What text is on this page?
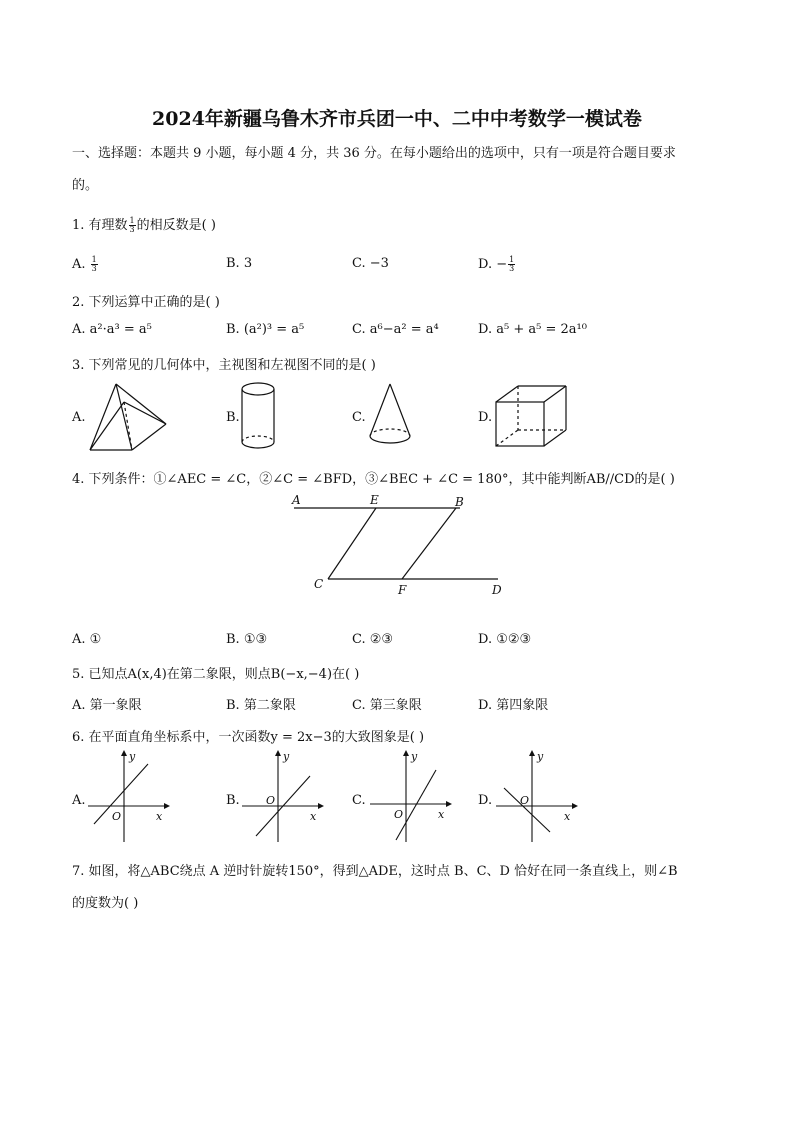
2024年新疆乌鲁木齐市兵团一中、二中中考数学一模试卷
一、选择题：本题共 9 小题，每小题 4 分，共 36 分。在每小题给出的选项中，只有一项是符合题目要求
的。
1. 有理数 $\frac{1}{3}$ 的相反数是( )
A. $\frac{1}{3}$	B. 3	C. −3	D. − $\frac{1}{3}$
2. 下列运算中正确的是( )
A. a²·a³ = a⁵	B. (a²)³ = a⁵	C. a⁶−a² = a⁴	D. a⁵ + a⁵ = 2a¹⁰
3. 下列常见的几何体中，主视图和左视图不同的是( )
A.	B.	C.	D.
4. 下列条件：①∠AEC = ∠C，②∠C = ∠BFD，③∠BEC + ∠C = 180°，其中能判断AB//CD的是( )
A	E	B
C	F	D
A. ①	B. ①③	C. ②③	D. ①②③
5. 已知点A(x,4)在第二象限，则点B(−x,−4)在( )
A. 第一象限	B. 第二象限	C. 第三象限	D. 第四象限
6. 在平面直角坐标系中，一次函数y = 2x−3的大致图象是( )
A.
y
x
O
B.
y
x
O	C.
y
x
O
D.
y
x
O
7. 如图，将△ABC绕点 A 逆时针旋转150°，得到△ADE，这时点 B、C、D 恰好在同一条直线上，则∠B
的度数为( )
